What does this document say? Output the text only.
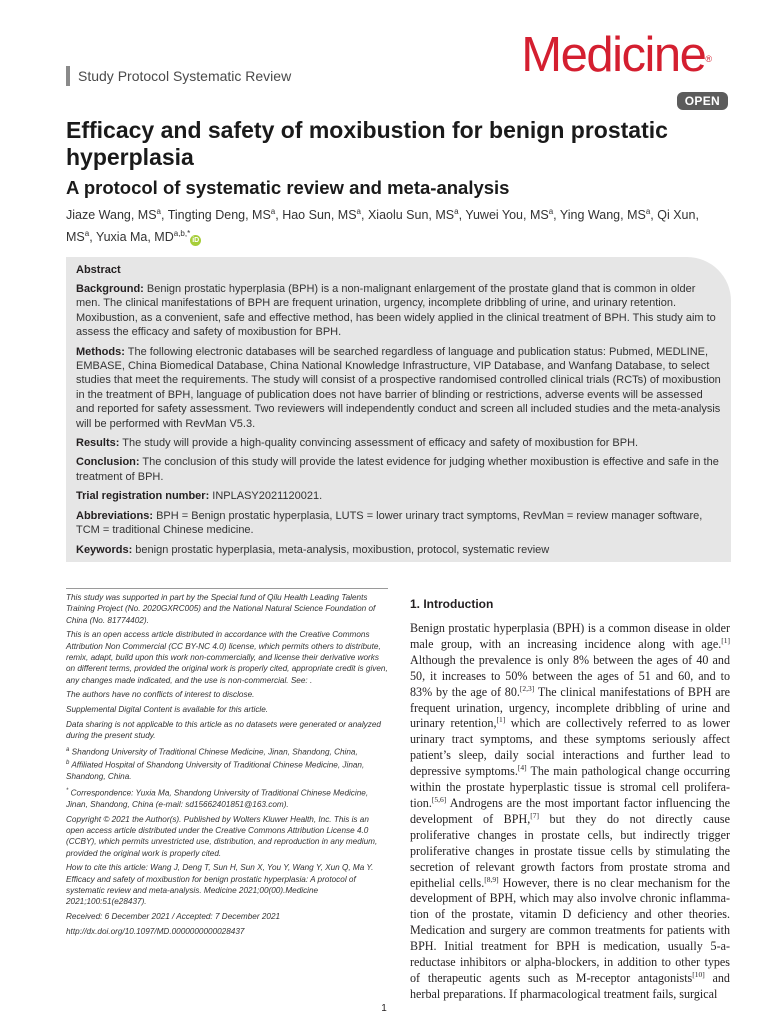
Study Protocol Systematic Review	Medicine®
OPEN
Efficacy and safety of moxibustion for benign prostatic hyperplasia
A protocol of systematic review and meta-analysis
Jiaze Wang, $MS^a$, Tingting Deng, $MS^a$, Hao Sun, $MS^a$, Xiaolu Sun, $MS^a$, Yuwei You, $MS^a$, Ying Wang, $MS^a$, Qi Xun, $MS^a$, Yuxia Ma, $MD^{a,b,*}iD$

Abstract

Background: Benign prostatic hyperplasia (BPH) is a non-malignant enlargement of the prostate gland that is common in older men. The clinical manifestations of BPH are frequent urination, urgency, incomplete dribbling of urine, and urinary retention. Moxibustion, as a convenient, safe and effective method, has been widely applied in the clinical treatment of BPH. This study aim to assess the efficacy and safety of moxibustion for BPH.

Methods: The following electronic databases will be searched regardless of language and publication status: Pubmed, MEDLINE, EMBASE, China Biomedical Database, China National Knowledge Infrastructure, VIP Database, and Wanfang Database, to select studies that meet the requirements. The study will consist of a prospective randomised controlled clinical trials (RCTs) of moxibustion in the treatment of BPH, language of publication does not have barrier of blinding or restrictions, adverse events will be assessed and reported for safety assessment. Two reviewers will independently conduct and screen all included studies and the meta-analysis will be performed with RevMan V5.3.

Results: The study will provide a high-quality convincing assessment of efficacy and safety of moxibustion for BPH.

Conclusion: The conclusion of this study will provide the latest evidence for judging whether moxibustion is effective and safe in the treatment of BPH.

Trial registration number: INPLASY2021120021.

Abbreviations: BPH = Benign prostatic hyperplasia, LUTS = lower urinary tract symptoms, RevMan = review manager software, TCM = traditional Chinese medicine.

Keywords: benign prostatic hyperplasia, meta-analysis, moxibustion, protocol, systematic review

This study was supported in part by the Special fund of Qilu Health Leading Talents Training Project (No. 2020GXRC005) and the National Natural Science Foundation of China (No. 81774402).

This is an open access article distributed in accordance with the Creative Commons Attribution Non Commercial (CC BY-NC 4.0) license, which permits others to distribute, remix, adapt, build upon this work non-commercially, and license their derivative works on different terms, provided the original work is properly cited, appropriate credit is given, any changes made indicated, and the use is non-commercial. See: .

The authors have no conflicts of interest to disclose.

Supplemental Digital Content is available for this article.

Data sharing is not applicable to this article as no datasets were generated or analyzed during the present study.

$^a$ Shandong University of Traditional Chinese Medicine, Jinan, Shandong, China,
$^b$ Affiliated Hospital of Shandong University of Traditional Chinese Medicine, Jinan, Shandong, China.

* Correspondence: Yuxia Ma, Shandong University of Traditional Chinese Medicine, Jinan, Shandong, China (e-mail: sd15662401851@163.com).

Copyright © 2021 the Author(s). Published by Wolters Kluwer Health, Inc. This is an open access article distributed under the Creative Commons Attribution License 4.0 (CCBY), which permits unrestricted use, distribution, and reproduction in any medium, provided the original work is properly cited.

How to cite this article: Wang J, Deng T, Sun H, Sun X, You Y, Wang Y, Xun Q, Ma Y. Efficacy and safety of moxibustion for benign prostatic hyperplasia: A protocol of systematic review and meta-analysis. Medicine 2021;00(00).Medicine 2021;100:51(e28437).

Received: 6 December 2021 / Accepted: 7 December 2021

http://dx.doi.org/10.1097/MD.0000000000028437

1. Introduction

Benign prostatic hyperplasia (BPH) is a common disease in older male group, with an increasing incidence along with age.[1] Although the prevalence is only 8% between the ages of 40 and 50, it increases to 50% between the ages of 51 and 60, and to 83% by the age of 80.[2,3] The clinical manifestations of BPH are frequent urination, urgency, incomplete dribbling of urine and urinary retention,[1] which are collectively referred to as lower urinary tract symptoms, and these symptoms seriously affect patient’s sleep, daily social interactions and further lead to depressive symptoms.[4] The main pathological change occurring within the prostate hyperplastic tissue is stromal cell proliferation.[5,6] Androgens are the most important factor influencing the development of BPH,[7] but they do not directly cause proliferative changes in prostate cells, but indirectly trigger proliferative changes in prostate tissue cells by stimulating the secretion of relevant growth factors from prostate stroma and epithelial cells.[8,9] However, there is no clear mechanism for the development of BPH, which may also involve chronic inflammation of the prostate, vitamin D deficiency and other theories. Medication and surgery are common treatments for patients with BPH. Initial treatment for BPH is medication, usually 5-a-reductase inhibitors or alpha-blockers, in addition to other types of therapeutic agents such as M-receptor antagonists[10] and herbal preparations. If pharmacological treatment fails, surgical

1
